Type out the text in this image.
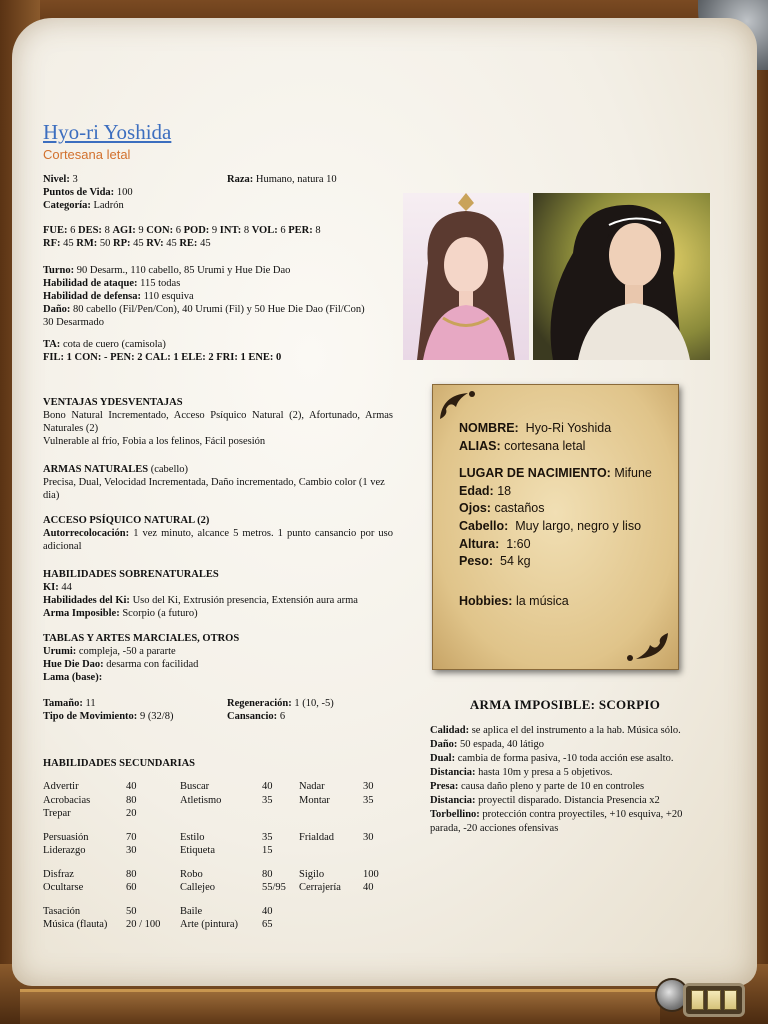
Hyo-ri Yoshida
Cortesana letal

Nivel: 3

Puntos de Vida: 100

Categoría: Ladrón

Raza: Humano, natura 10

FUE: 6 DES: 8 AGI: 9 CON: 6 POD: 9 INT: 8 VOL: 6 PER: 8

RF: 45 RM: 50 RP: 45 RV: 45 RE: 45

Turno: 90 Desarm., 110 cabello, 85 Urumi y Hue Die Dao

Habilidad de ataque: 115 todas

Habilidad de defensa: 110 esquiva

Daño: 80 cabello (Fil/Pen/Con), 40 Urumi (Fil) y 50 Hue Die Dao (Fil/Con)

30 Desarmado

TA: cota de cuero (camisola)

FIL: 1 CON: - PEN: 2 CAL: 1 ELE: 2 FRI: 1 ENE: 0

VENTAJAS YDESVENTAJAS

Bono Natural Incrementado, Acceso Psíquico Natural (2), Afortunado, Armas Naturales (2)

Vulnerable al frío, Fobia a los felinos, Fácil posesión

ARMAS NATURALES (cabello)

Precisa, Dual, Velocidad Incrementada, Daño incrementado, Cambio color (1 vez dia)

ACCESO PSÍQUICO NATURAL (2)

Autorrecolocación: 1 vez minuto, alcance 5 metros. 1 punto cansancio por uso adicional

HABILIDADES SOBRENATURALES

KI: 44

Habilidades del Ki: Uso del Ki, Extrusión presencia, Extensión aura arma

Arma Imposible: Scorpio (a futuro)

TABLAS Y ARTES MARCIALES, OTROS

Urumi: compleja, -50 a pararte

Hue Die Dao: desarma con facilidad

Lama (base):

Tamaño: 11

Tipo de Movimiento: 9 (32/8)

Regeneración: 1 (10, -5)

Cansancio: 6

HABILIDADES SECUNDARIAS
Advertir	40	Buscar	40	Nadar	30
Acrobacias	80	Atletismo	35	Montar	35
Trepar	20				

Persuasión	70	Estilo	35	Frialdad	30
Liderazgo	30	Etiqueta	15		

Disfraz	80	Robo	80	Sigilo	100
Ocultarse	60	Callejeo	55/95	Cerrajería	40

Tasación	50	Baile	40		
Música (flauta)	20 / 100	Arte (pintura)	65		

NOMBRE: Hyo-Ri Yoshida

ALIAS: cortesana letal

LUGAR DE NACIMIENTO: Mifune

Edad: 18

Ojos: castaños

Cabello: Muy largo, negro y liso

Altura: 1:60

Peso: 54 kg

Hobbies: la música

ARMA IMPOSIBLE: SCORPIO

Calidad: se aplica el del instrumento a la hab. Música sólo.

Daño: 50 espada, 40 látigo

Dual: cambia de forma pasiva, -10 toda acción ese asalto.

Distancia: hasta 10m y presa a 5 objetivos.

Presa: causa daño pleno y parte de 10 en controles

Distancia: proyectil disparado. Distancia Presencia x2

Torbellino: protección contra proyectiles, +10 esquiva, +20 parada, -20 acciones ofensivas
